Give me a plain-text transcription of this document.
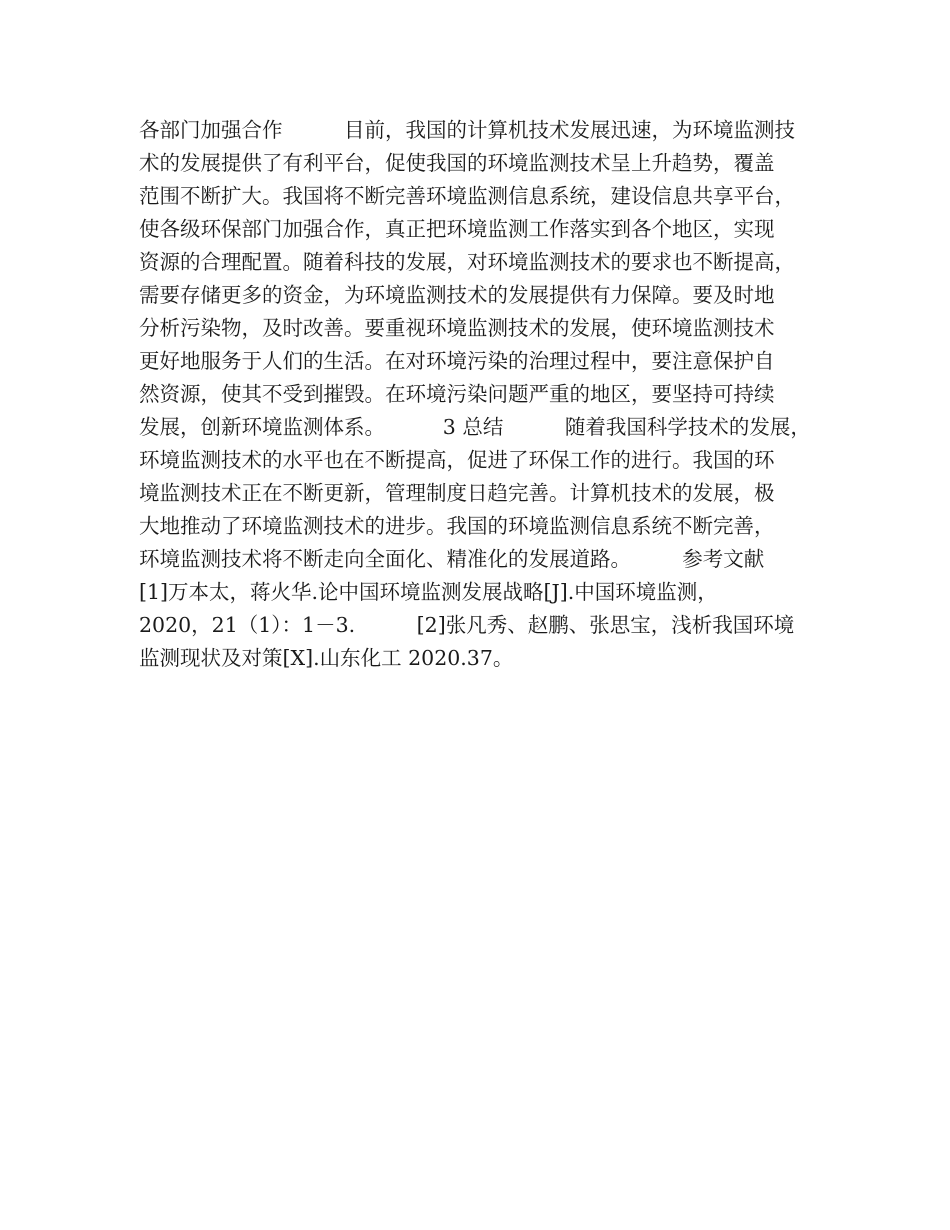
各部门加强合作　　　目前，我国的计算机技术发展迅速，为环境监测技
术的发展提供了有利平台，促使我国的环境监测技术呈上升趋势，覆盖
范围不断扩大。我国将不断完善环境监测信息系统，建设信息共享平台，
使各级环保部门加强合作，真正把环境监测工作落实到各个地区，实现
资源的合理配置。随着科技的发展，对环境监测技术的要求也不断提高，
需要存储更多的资金，为环境监测技术的发展提供有力保障。要及时地
分析污染物，及时改善。要重视环境监测技术的发展，使环境监测技术
更好地服务于人们的生活。在对环境污染的治理过程中，要注意保护自
然资源，使其不受到摧毁。在环境污染问题严重的地区，要坚持可持续
发展，创新环境监测体系。　　　 3 总结　　　随着我国科学技术的发展，
环境监测技术的水平也在不断提高，促进了环保工作的进行。我国的环
境监测技术正在不断更新，管理制度日趋完善。计算机技术的发展，极
大地推动了环境监测技术的进步。我国的环境监测信息系统不断完善，
环境监测技术将不断走向全面化、精准化的发展道路。　　　参考文献
[1]万本太，蒋火华.论中国环境监测发展战略[J].中国环境监测，
2020，21（1）：1－3.　　　[2]张凡秀、赵鹏、张思宝，浅析我国环境
监测现状及对策[X].山东化工 2020.37。
